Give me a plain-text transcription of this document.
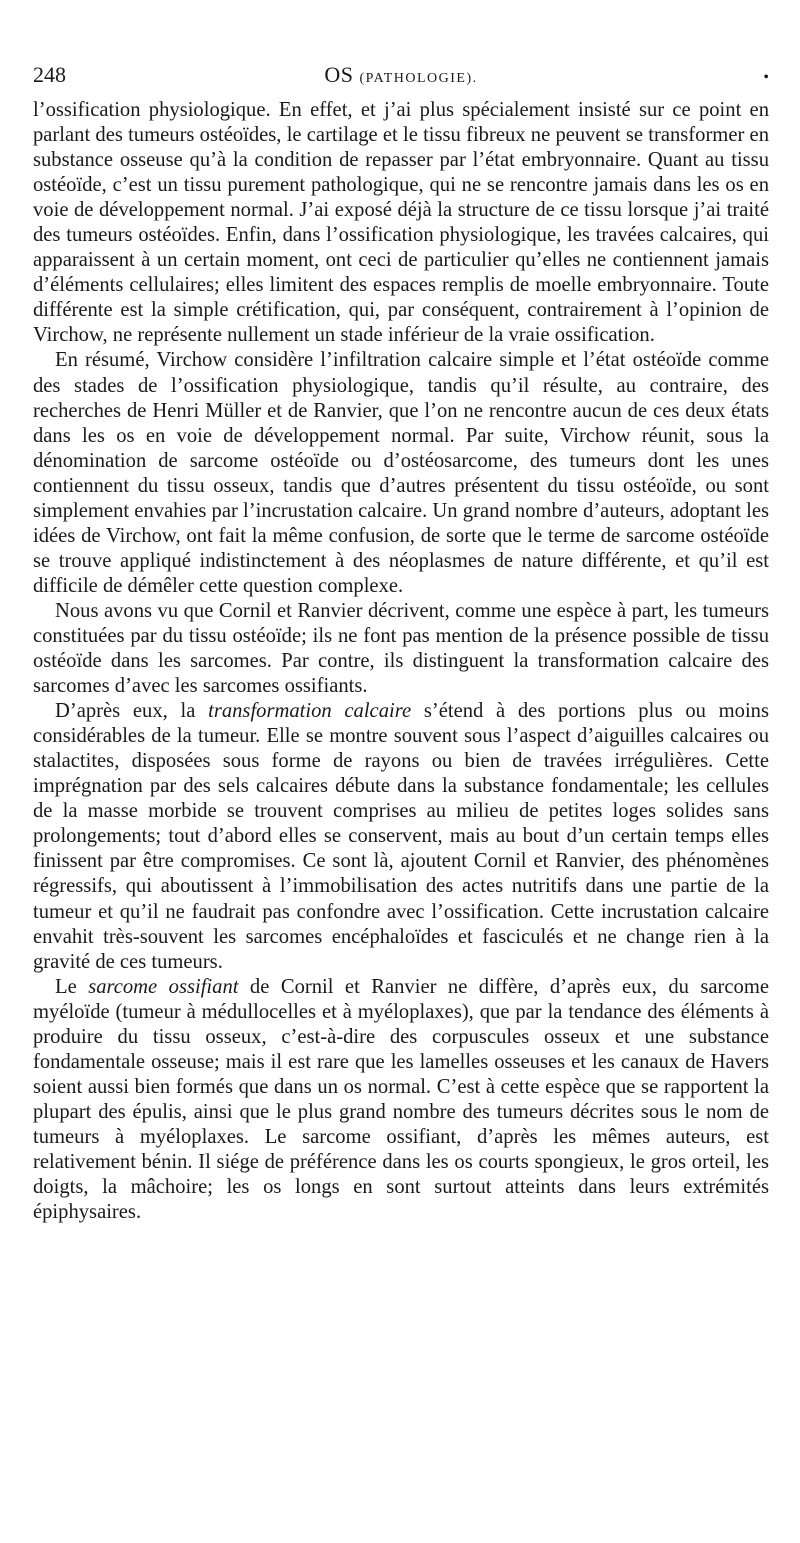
248	OS (PATHOLOGIE).	•

l’ossification physiologique. En effet, et j’ai plus spécialement insisté sur ce point en parlant des tumeurs ostéoïdes, le cartilage et le tissu fibreux ne peuvent se transformer en substance osseuse qu’à la condition de repasser par l’état embryonnaire. Quant au tissu ostéoïde, c’est un tissu purement pathologique, qui ne se rencontre jamais dans les os en voie de développement normal. J’ai exposé déjà la structure de ce tissu lorsque j’ai traité des tumeurs ostéoïdes. Enfin, dans l’ossification physiologique, les travées calcaires, qui apparaissent à un certain moment, ont ceci de particulier qu’elles ne contiennent jamais d’éléments cellulaires; elles limitent des espaces remplis de moelle embryonnaire. Toute différente est la simple crétification, qui, par conséquent, contrairement à l’opinion de Virchow, ne représente nullement un stade inférieur de la vraie ossification.

En résumé, Virchow considère l’infiltration calcaire simple et l’état ostéoïde comme des stades de l’ossification physiologique, tandis qu’il résulte, au contraire, des recherches de Henri Müller et de Ranvier, que l’on ne rencontre aucun de ces deux états dans les os en voie de développement normal. Par suite, Virchow réunit, sous la dénomination de sarcome ostéoïde ou d’ostéosarcome, des tumeurs dont les unes contiennent du tissu osseux, tandis que d’autres présentent du tissu ostéoïde, ou sont simplement envahies par l’incrustation calcaire. Un grand nombre d’auteurs, adoptant les idées de Virchow, ont fait la même confusion, de sorte que le terme de sarcome ostéoïde se trouve appliqué indistinctement à des néoplasmes de nature différente, et qu’il est difficile de démêler cette question complexe.

Nous avons vu que Cornil et Ranvier décrivent, comme une espèce à part, les tumeurs constituées par du tissu ostéoïde; ils ne font pas mention de la présence possible de tissu ostéoïde dans les sarcomes. Par contre, ils distinguent la transformation calcaire des sarcomes d’avec les sarcomes ossifiants.

D’après eux, la transformation calcaire s’étend à des portions plus ou moins considérables de la tumeur. Elle se montre souvent sous l’aspect d’aiguilles calcaires ou stalactites, disposées sous forme de rayons ou bien de travées irrégulières. Cette imprégnation par des sels calcaires débute dans la substance fondamentale; les cellules de la masse morbide se trouvent comprises au milieu de petites loges solides sans prolongements; tout d’abord elles se conservent, mais au bout d’un certain temps elles finissent par être compromises. Ce sont là, ajoutent Cornil et Ranvier, des phénomènes régressifs, qui aboutissent à l’immobilisation des actes nutritifs dans une partie de la tumeur et qu’il ne faudrait pas confondre avec l’ossification. Cette incrustation calcaire envahit très-souvent les sarcomes encéphaloïdes et fasciculés et ne change rien à la gravité de ces tumeurs.

Le sarcome ossifiant de Cornil et Ranvier ne diffère, d’après eux, du sarcome myéloïde (tumeur à médullocelles et à myéloplaxes), que par la tendance des éléments à produire du tissu osseux, c’est-à-dire des corpuscules osseux et une substance fondamentale osseuse; mais il est rare que les lamelles osseuses et les canaux de Havers soient aussi bien formés que dans un os normal. C’est à cette espèce que se rapportent la plupart des épulis, ainsi que le plus grand nombre des tumeurs décrites sous le nom de tumeurs à myéloplaxes. Le sarcome ossifiant, d’après les mêmes auteurs, est relativement bénin. Il siége de préférence dans les os courts spongieux, le gros orteil, les doigts, la mâchoire; les os longs en sont surtout atteints dans leurs extrémités épiphysaires.
